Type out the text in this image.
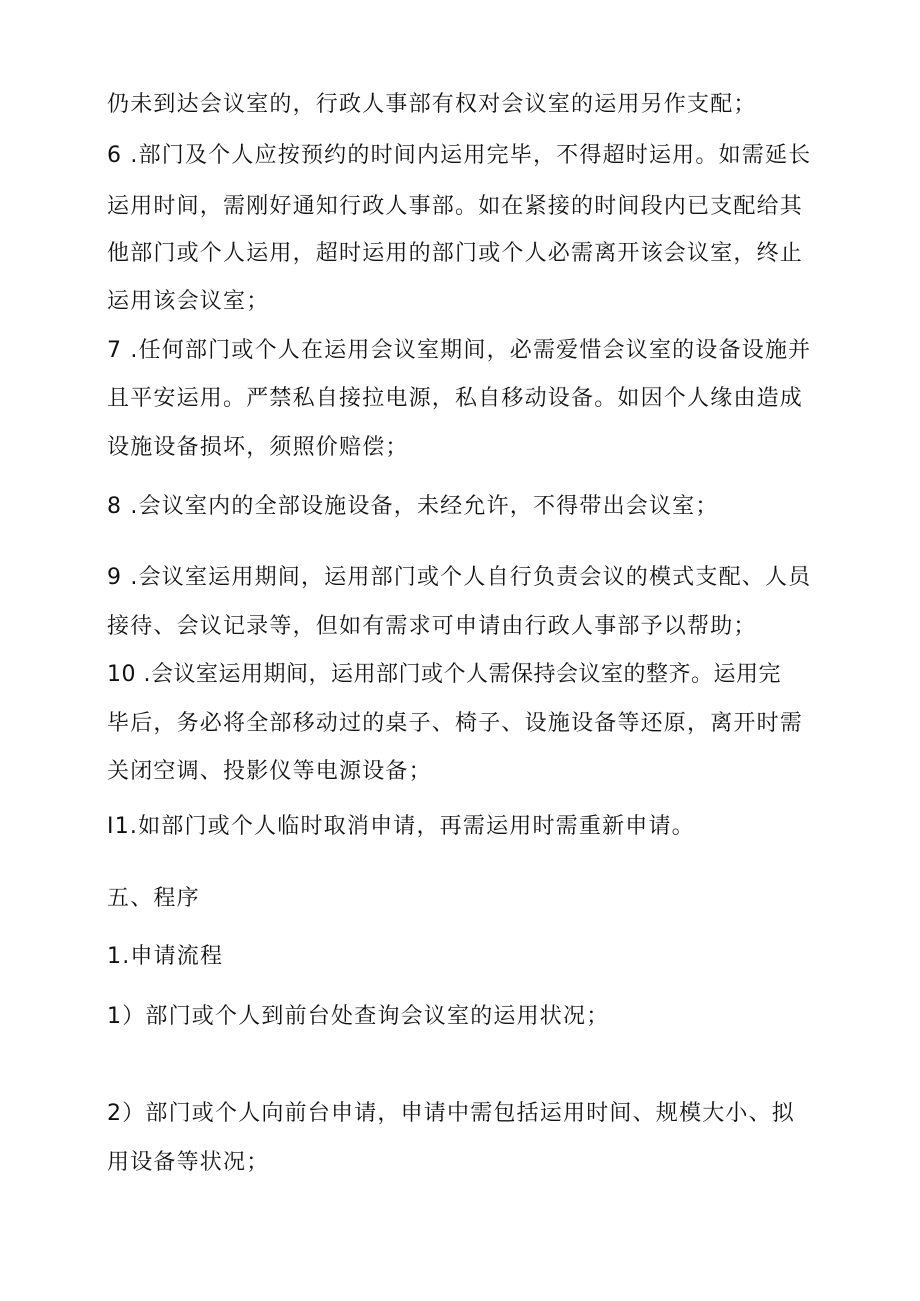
仍未到达会议室的，行政人事部有权对会议室的运用另作支配；
6 .部门及个人应按预约的时间内运用完毕，不得超时运用。如需延长
运用时间，需刚好通知行政人事部。如在紧接的时间段内已支配给其
他部门或个人运用，超时运用的部门或个人必需离开该会议室，终止
运用该会议室；
7 .任何部门或个人在运用会议室期间，必需爱惜会议室的设备设施并
且平安运用。严禁私自接拉电源，私自移动设备。如因个人缘由造成
设施设备损坏，须照价赔偿；
8 .会议室内的全部设施设备，未经允许，不得带出会议室；
9 .会议室运用期间，运用部门或个人自行负责会议的模式支配、人员
接待、会议记录等，但如有需求可申请由行政人事部予以帮助；
10 .会议室运用期间，运用部门或个人需保持会议室的整齐。运用完
毕后，务必将全部移动过的桌子、椅子、设施设备等还原，离开时需
关闭空调、投影仪等电源设备；
I1.如部门或个人临时取消申请，再需运用时需重新申请。
五、程序
1.申请流程
1）部门或个人到前台处查询会议室的运用状况；
2）部门或个人向前台申请，申请中需包括运用时间、规模大小、拟
用设备等状况；
